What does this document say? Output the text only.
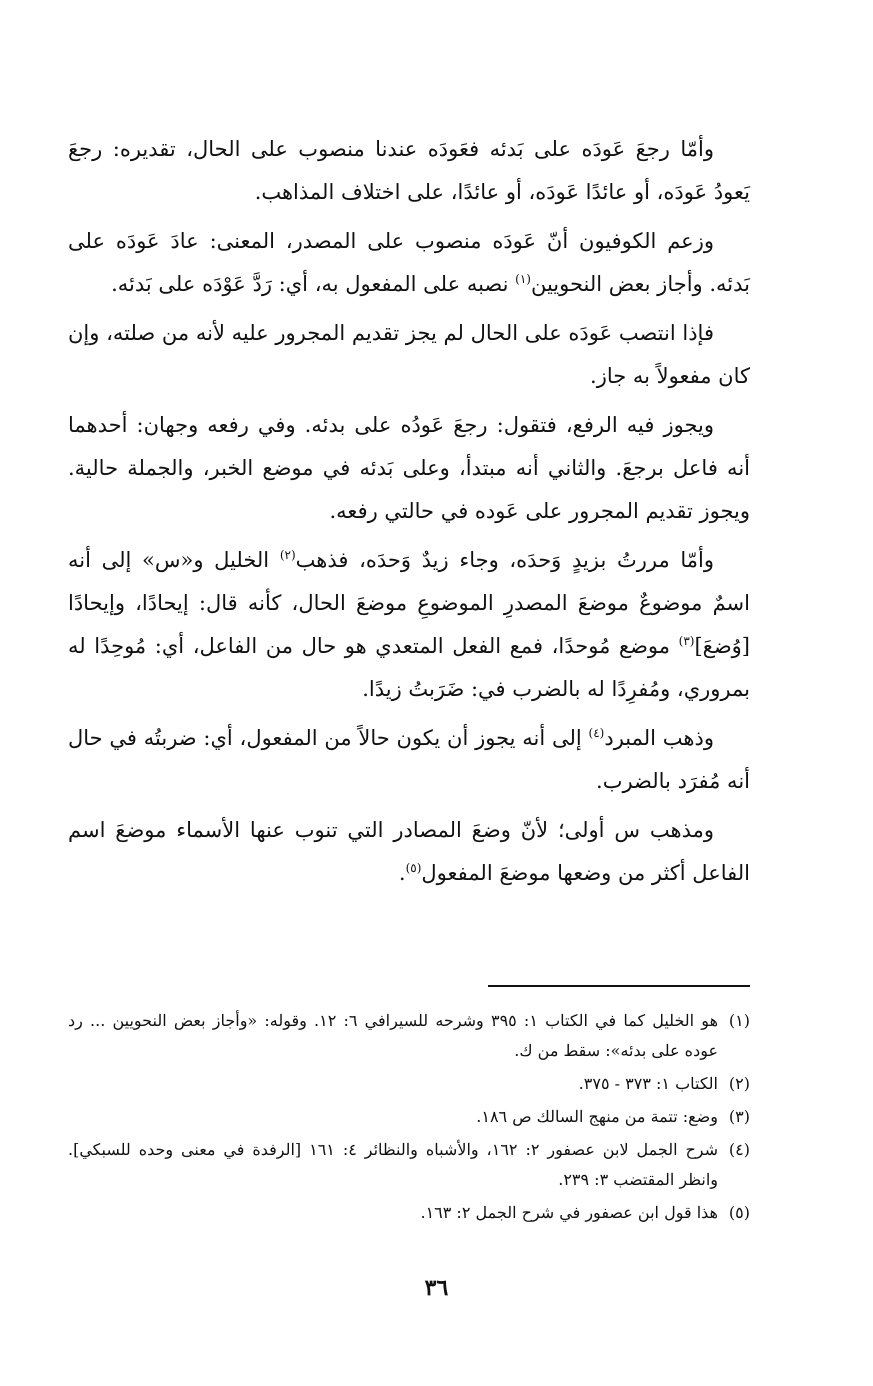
وأمّا رجعَ عَودَه على بَدئه فعَودَه عندنا منصوب على الحال، تقديره: رجعَ يَعودُ عَودَه، أو عائدًا عَودَه، أو عائدًا، على اختلاف المذاهب.

وزعم الكوفيون أنّ عَودَه منصوب على المصدر، المعنى: عادَ عَودَه على بَدئه. وأجاز بعض النحويين$^{(١)}$ نصبه على المفعول به، أي: رَدَّ عَوْدَه على بَدئه.

فإذا انتصب عَودَه على الحال لم يجز تقديم المجرور عليه لأنه من صلته، وإن كان مفعولاً به جاز.

ويجوز فيه الرفع، فتقول: رجعَ عَودُه على بدئه. وفي رفعه وجهان: أحدهما أنه فاعل برجعَ. والثاني أنه مبتدأ، وعلى بَدئه في موضع الخبر، والجملة حالية. ويجوز تقديم المجرور على عَوده في حالتي رفعه.

وأمّا مررتُ بزيدٍ وَحدَه، وجاء زيدٌ وَحدَه، فذهب$^{(٢)}$ الخليل و«س» إلى أنه اسمٌ موضوعٌ موضعَ المصدرِ الموضوعِ موضعَ الحال، كأنه قال: إيحادًا، وإيحادًا [وُضعَ]$^{(٣)}$ موضع مُوحدًا، فمع الفعل المتعدي هو حال من الفاعل، أي: مُوحِدًا له بمروري، ومُفرِدًا له بالضرب في: ضَرَبتُ زيدًا.

وذهب المبرد$^{(٤)}$ إلى أنه يجوز أن يكون حالاً من المفعول، أي: ضربتُه في حال أنه مُفرَد بالضرب.

ومذهب س أولى؛ لأنّ وضعَ المصادر التي تنوب عنها الأسماء موضعَ اسم الفاعل أكثر من وضعها موضعَ المفعول$^{(٥)}$.

(١)هو الخليل كما في الكتاب ١: ٣٩٥ وشرحه للسيرافي ٦: ١٢. وقوله: «وأجاز بعض النحويين ... رد عوده على بدئه»: سقط من ك.

(٢)الكتاب ١: ٣٧٣ - ٣٧٥.

(٣)وضع: تتمة من منهج السالك ص ١٨٦.

(٤)شرح الجمل لابن عصفور ٢: ١٦٢، والأشباه والنظائر ٤: ١٦١ [الرفدة في معنى وحده للسبكي]. وانظر المقتضب ٣: ٢٣٩.

(٥)هذا قول ابن عصفور في شرح الجمل ٢: ١٦٣.

٣٦
